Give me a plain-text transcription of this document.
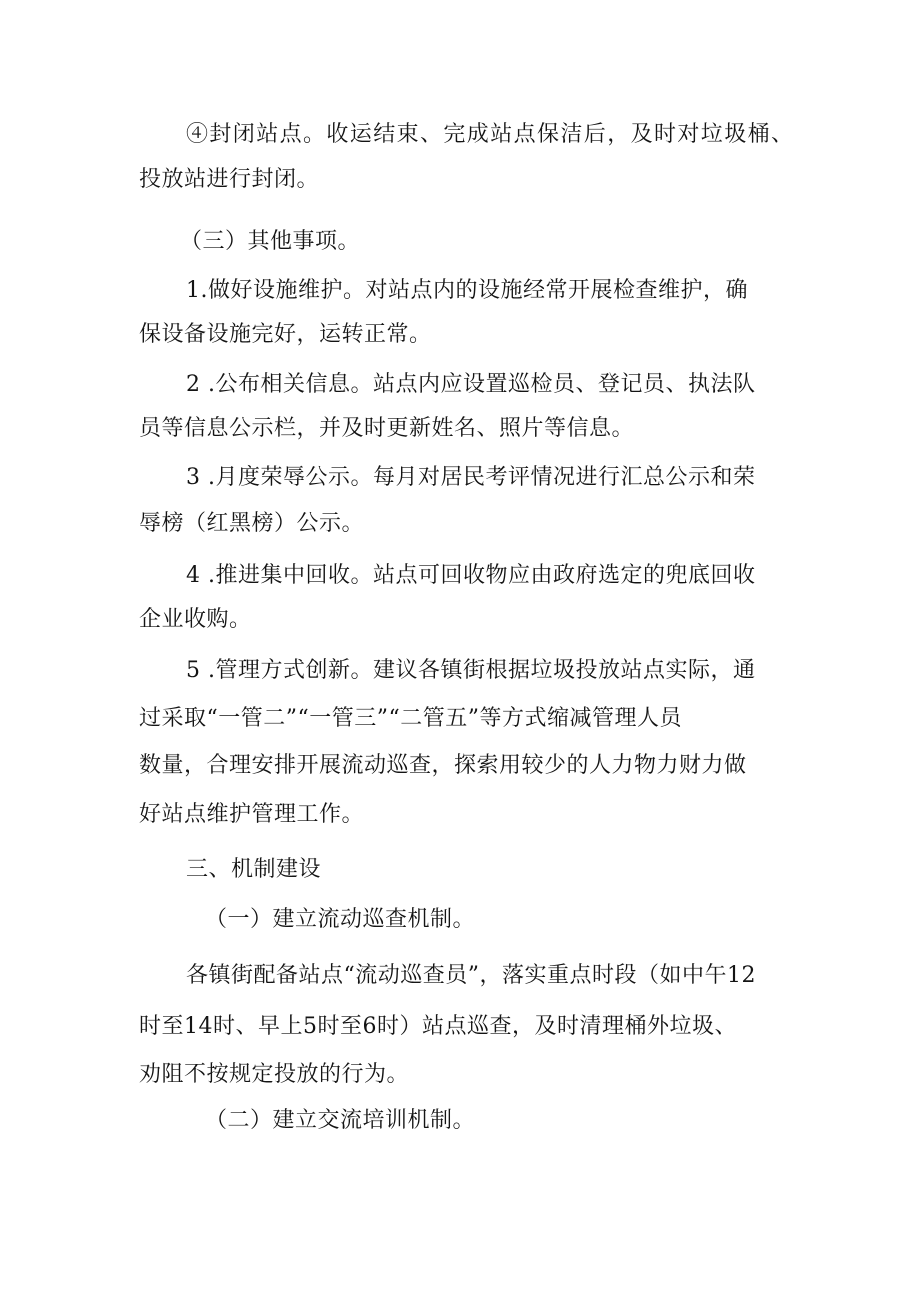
④封闭站点。收运结束、完成站点保洁后，及时对垃圾桶、

投放站进行封闭。

（三）其他事项。

1.做好设施维护。对站点内的设施经常开展检查维护，确

保设备设施完好，运转正常。

2 .公布相关信息。站点内应设置巡检员、登记员、执法队

员等信息公示栏，并及时更新姓名、照片等信息。

3 .月度荣辱公示。每月对居民考评情况进行汇总公示和荣

辱榜（红黑榜）公示。

4 .推进集中回收。站点可回收物应由政府选定的兜底回收

企业收购。

5 .管理方式创新。建议各镇街根据垃圾投放站点实际，通

过采取“一管二”“一管三”“二管五”等方式缩减管理人员

数量，合理安排开展流动巡查，探索用较少的人力物力财力做

好站点维护管理工作。

三、机制建设

（一）建立流动巡查机制。

各镇街配备站点“流动巡查员”，落实重点时段（如中午12

时至14时、早上5时至6时）站点巡查，及时清理桶外垃圾、

劝阻不按规定投放的行为。

（二）建立交流培训机制。
